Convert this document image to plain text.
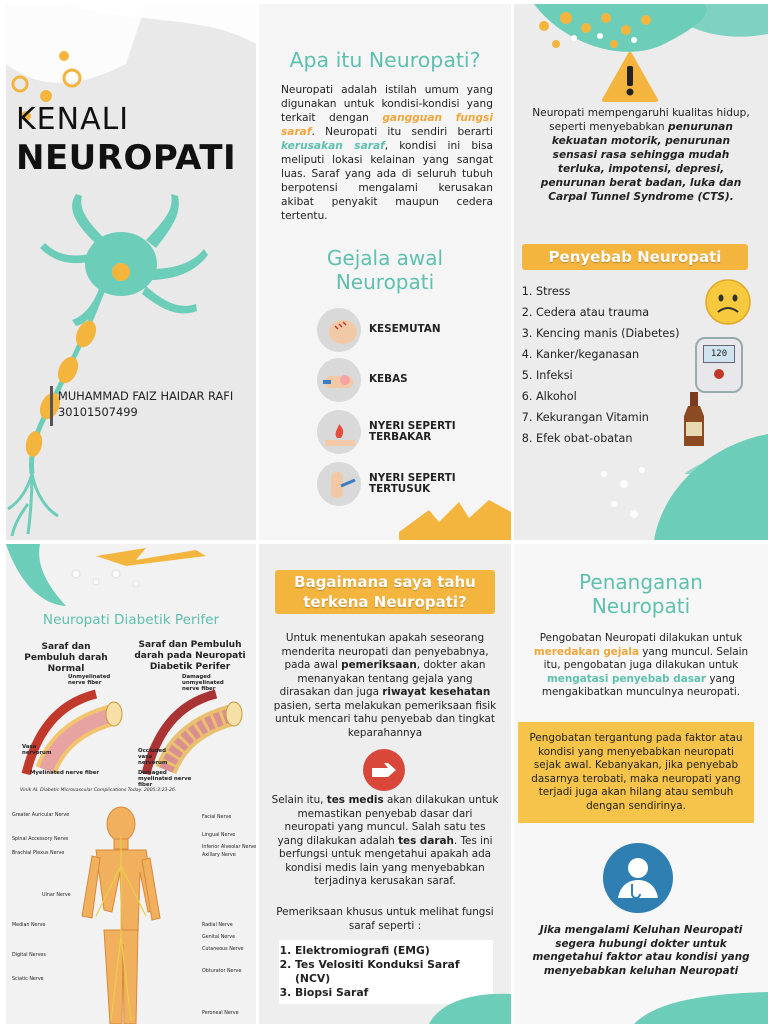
KENALI
NEUROPATI
MUHAMMAD FAIZ HAIDAR RAFI
30101507499
Apa itu Neuropati?
Neuropati adalah istilah umum yang digunakan untuk kondisi-kondisi yang terkait dengan gangguan fungsi saraf. Neuropati itu sendiri berarti kerusakan saraf, kondisi ini bisa meliputi lokasi kelainan yang sangat luas. Saraf yang ada di seluruh tubuh berpotensi mengalami kerusakan akibat penyakit maupun cedera tertentu.
Gejala awal
Neuropati
KESEMUTAN
KEBAS
NYERI SEPERTI TERBAKAR
NYERI SEPERTI TERTUSUK
Neuropati mempengaruhi kualitas hidup, seperti menyebabkan penurunan kekuatan motorik, penurunan sensasi rasa sehingga mudah terluka, impotensi, depresi, penurunan berat badan, luka dan Carpal Tunnel Syndrome (CTS).
Penyebab Neuropati
1. Stress
2. Cedera atau trauma
3. Kencing manis (Diabetes)
4. Kanker/keganasan
5. Infeksi
6. Alkohol
7. Kekurangan Vitamin
8. Efek obat-obatan
120
Neuropati Diabetik Perifer
Saraf dan Pembuluh darah Normal
Saraf dan Pembuluh darah pada Neuropati Diabetik Perifer
Unmyelinated nerve fiber
Damaged unmyelinated nerve fiber
Vasa nervorum
Myelinated nerve fiber
Occluded vasa nervorum
Damaged myelinated nerve fiber
Vinik AI. Diabetic Microvascular Complications Today. 2005;3:23-26.
Greater Auricular Nerve
Spinal Accessory Nerve
Brachial Plexus Nerve
Ulnar Nerve
Median Nerve
Digital Nerves
Sciatic Nerve
Facial Nerve
Lingual Nerve
Inferior Alveolar Nerve
Axillary Nerve
Radial Nerve
Genital Nerve
Cutaneous Nerve
Obturator Nerve
Peroneal Nerve
Bagaimana saya tahu
terkena Neuropati?
Untuk menentukan apakah seseorang menderita neuropati dan penyebabnya, pada awal pemeriksaan, dokter akan menanyakan tentang gejala yang dirasakan dan juga riwayat kesehatan pasien, serta melakukan pemeriksaan fisik untuk mencari tahu penyebab dan tingkat keparahannya
Selain itu, tes medis akan dilakukan untuk memastikan penyebab dasar dari neuropati yang muncul. Salah satu tes yang dilakukan adalah tes darah. Tes ini berfungsi untuk mengetahui apakah ada kondisi medis lain yang menyebabkan terjadinya kerusakan saraf.
Pemeriksaan khusus untuk melihat fungsi saraf seperti :
1. Elektromiografi (EMG)
2. Tes Velositi Konduksi Saraf (NCV)
3. Biopsi Saraf
Penanganan
Neuropati
Pengobatan Neuropati dilakukan untuk meredakan gejala yang muncul. Selain itu, pengobatan juga dilakukan untuk mengatasi penyebab dasar yang mengakibatkan munculnya neuropati.
Pengobatan tergantung pada faktor atau kondisi yang menyebabkan neuropati sejak awal. Kebanyakan, jika penyebab dasarnya terobati, maka neuropati yang terjadi juga akan hilang atau sembuh dengan sendirinya.
Jika mengalami Keluhan Neuropati segera hubungi dokter untuk mengetahui faktor atau kondisi yang menyebabkan keluhan Neuropati
